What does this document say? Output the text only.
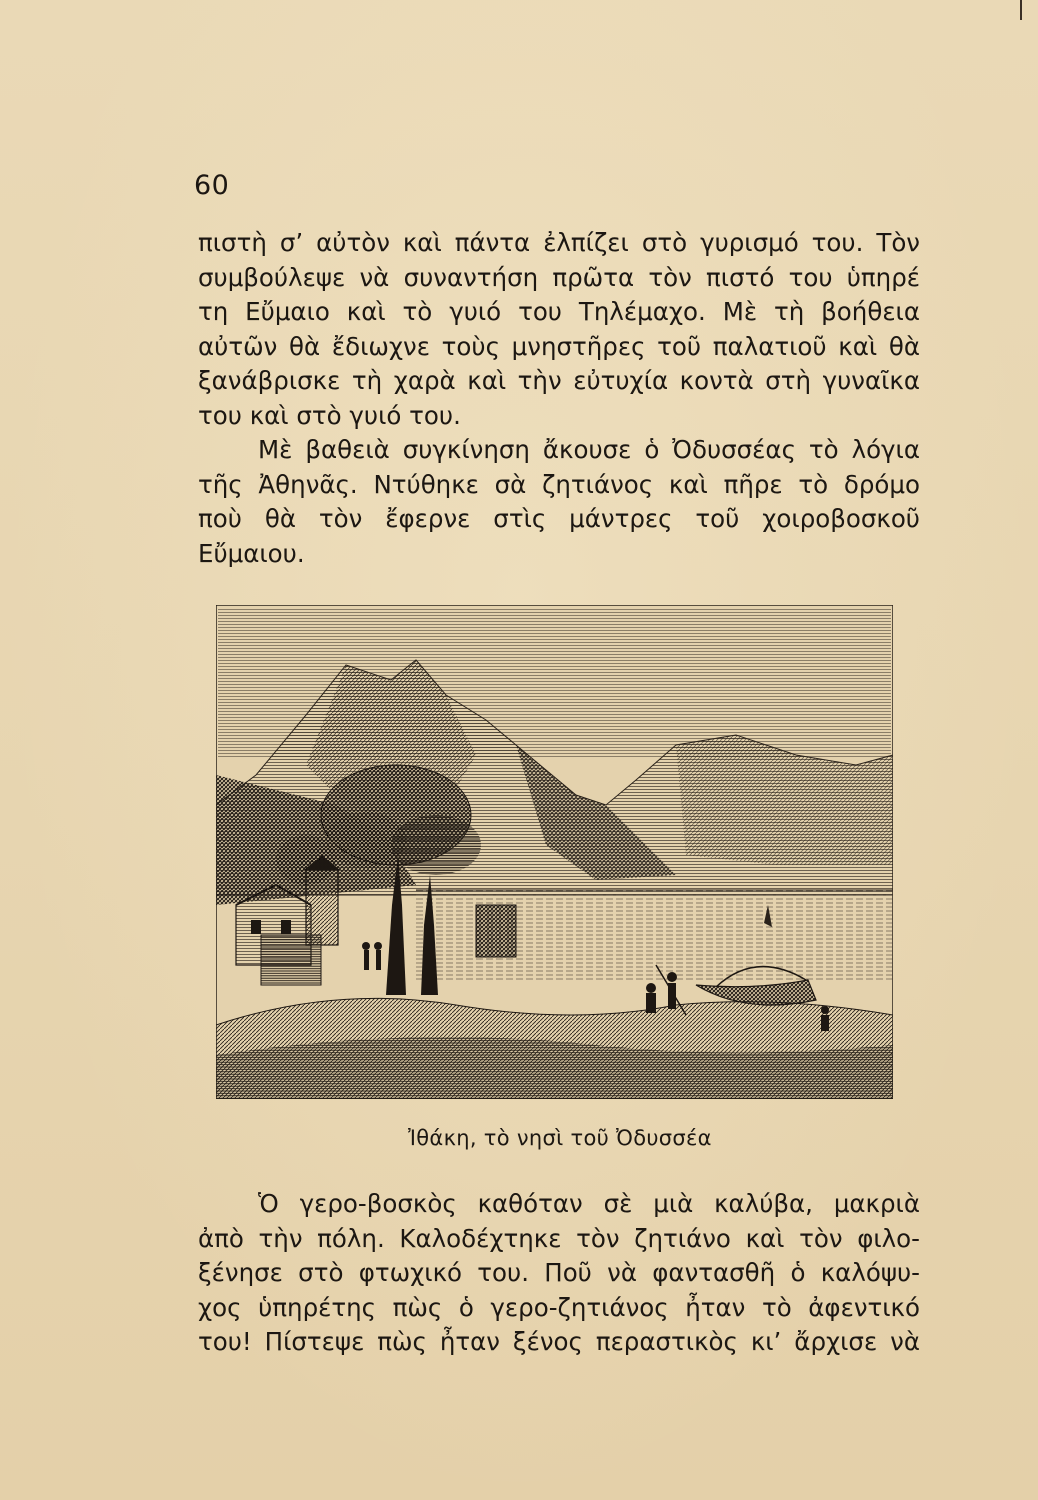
60
πιστὴ σ’ αὐτὸν καὶ πάντα ἐλπίζει στὸ γυρισμό του. Τὸν
συμβούλεψε νὰ συναντήση πρῶτα τὸν πιστό του ὑπηρέ
τη Εὔμαιο καὶ τὸ γυιό του Τηλέμαχο. Μὲ τὴ βοήθεια
αὐτῶν θὰ ἔδιωχνε τοὺς μνηστῆρες τοῦ παλατιοῦ καὶ θὰ
ξανάβρισκε τὴ χαρὰ καὶ τὴν εὐτυχία κοντὰ στὴ γυναῖκα
του καὶ στὸ γυιό του.
Μὲ βαθειὰ συγκίνηση ἄκουσε ὁ Ὀδυσσέας τὸ λόγια
τῆς Ἀθηνᾶς. Ντύθηκε σὰ ζητιάνος καὶ πῆρε τὸ δρόμο
ποὺ θὰ τὸν ἔφερνε στὶς μάντρες τοῦ χοιροβοσκοῦ
Εὔμαιου.
Ἰθάκη, τὸ νησὶ τοῦ Ὀδυσσέα
Ὁ γερο-βοσκὸς καθόταν σὲ μιὰ καλύβα, μακριὰ
ἀπὸ τὴν πόλη. Καλοδέχτηκε τὸν ζητιάνο καὶ τὸν φιλο-
ξένησε στὸ φτωχικό του. Ποῦ νὰ φαντασθῆ ὁ καλόψυ-
χος ὑπηρέτης πὼς ὁ γερο-ζητιάνος ἦταν τὸ ἀφεντικό
του! Πίστεψε πὼς ἦταν ξένος περαστικὸς κι’ ἄρχισε νὰ
